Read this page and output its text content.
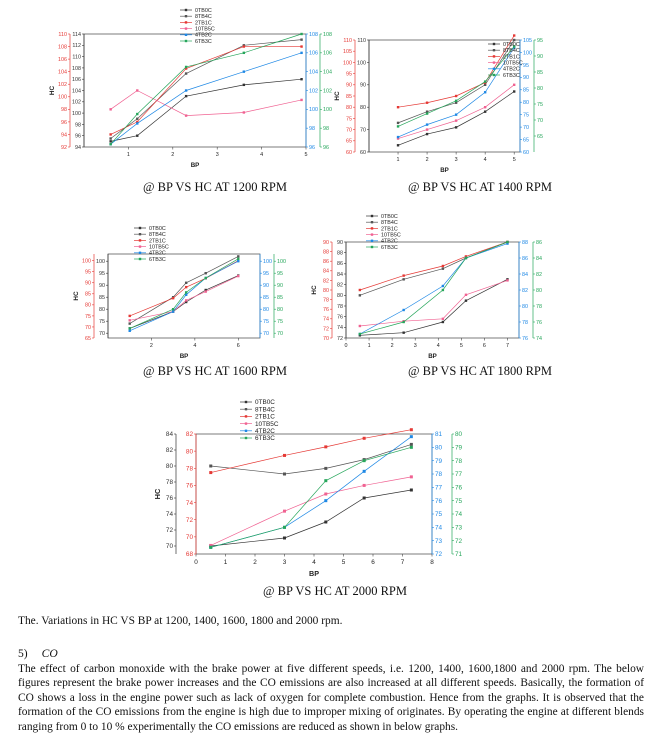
1	2	3	4	5
BP
94
96
98
100
102
104
106
108
110
112
114
92
94
96
98
100
102
104
106
108
110
96
98
100
102
104
106
108
96
98
100
102
104
106
108
HC
0TB0C
8TB4C
2TB1C
10TB5C
4TB2C
6TB3C
1	2	3	4	5
BP
60
70
80
90
100
110
60
65
70
75
80
85
90
95
100
105
110
60
65
70
75
80
85
90
95
100
105
65
70
75
80
85
90
95
HC
0TB0C
8TB4C
2TB1C
10TB5C
4TB2C
6TB3C
2	4	6
BP
70
75
80
85
90
95
100
65
70
75
80
85
90
95
100
70
75
80
85
90
95
100
70
75
80
85
90
95
100
HC
0TB0C
8TB4C
2TB1C
10TB5C
4TB2C
6TB3C
0	1	2	3	4	5	6	7
BP
72
74
76
78
80
82
84
86
88
90
70
72
74
76
78
80
82
84
86
88
90
76
78
80
82
84
86
88
74
76
78
80
82
84
86
HC
0TB0C
8TB4C
2TB1C
10TB5C
4TB2C
6TB3C
0	1	2	3	4	5	6	7	8
BP
68
70
72
74
76
78
80
82
70
72
74
76
78
80
82
84
72
73
74
75
76
77
78
79
80
81
71
72
73
74
75
76
77
78
79
80
HC
0TB0C
8TB4C
2TB1C
10TB5C
4TB2C
6TB3C
@ BP VS HC AT 1200 RPM	@ BP VS HC AT 1400 RPM
@ BP VS HC AT 1600 RPM	@ BP VS HC AT 1800 RPM
@ BP VS HC AT 2000 RPM
The. Variations in HC VS BP at 1200, 1400, 1600, 1800 and 2000 rpm.
5) CO
The effect of carbon monoxide with the brake power at five different speeds, i.e. 1200, 1400, 1600,1800 and 2000 rpm. The below figures represent the brake power increases and the CO emissions are also increased at all different speeds. Basically, the formation of CO shows a loss in the engine power such as lack of oxygen for complete combustion. Hence from the graphs. It is observed that the formation of the CO emissions from the engine is high due to improper mixing of originates. By operating the engine at different blends ranging from 0 to 10 % experimentally the CO emissions are reduced as shown in below graphs.
